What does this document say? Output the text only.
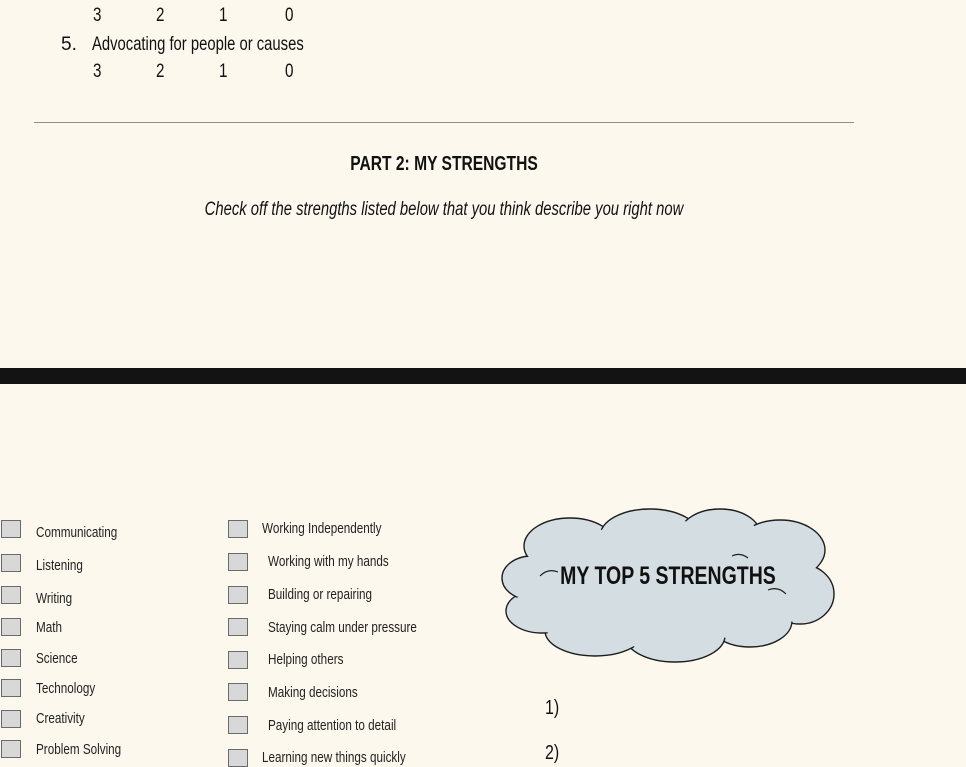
3	2	1	0
5. Advocating for people or causes
3	2	1	0
PART 2: MY STRENGTHS
Check off the strengths listed below that you think describe you right now
Communicating
Listening
Writing
Math
Science
Technology
Creativity
Problem Solving
Working Independently
Working with my hands
Building or repairing
Staying calm under pressure
Helping others
Making decisions
Paying attention to detail
Learning new things quickly
MY TOP 5 STRENGTHS
1)
2)
